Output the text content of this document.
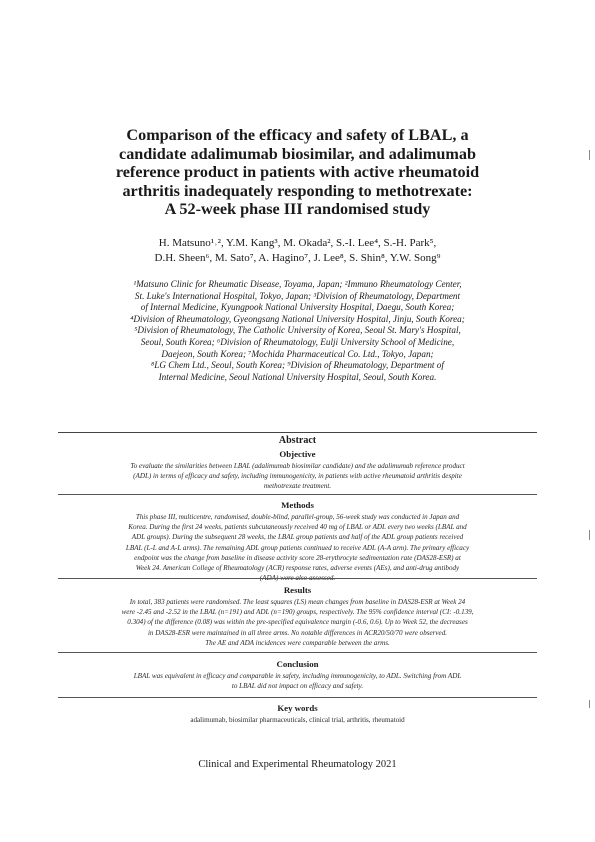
Comparison of the efficacy and safety of LBAL, a
candidate adalimumab biosimilar, and adalimumab
reference product in patients with active rheumatoid
arthritis inadequately responding to methotrexate:
A 52-week phase III randomised study
H. Matsuno¹˒², Y.M. Kang³, M. Okada², S.-I. Lee⁴, S.-H. Park⁵,
D.H. Sheen⁶, M. Sato⁷, A. Hagino⁷, J. Lee⁸, S. Shin⁸, Y.W. Song⁹
¹Matsuno Clinic for Rheumatic Disease, Toyama, Japan; ²Immuno Rheumatology Center,
St. Luke's International Hospital, Tokyo, Japan; ³Division of Rheumatology, Department
of Internal Medicine, Kyungpook National University Hospital, Daegu, South Korea;
⁴Division of Rheumatology, Gyeongsang National University Hospital, Jinju, South Korea;
⁵Division of Rheumatology, The Catholic University of Korea, Seoul St. Mary's Hospital,
Seoul, South Korea; ⁶Division of Rheumatology, Eulji University School of Medicine,
Daejeon, South Korea; ⁷Mochida Pharmaceutical Co. Ltd., Tokyo, Japan;
⁸LG Chem Ltd., Seoul, South Korea; ⁹Division of Rheumatology, Department of
Internal Medicine, Seoul National University Hospital, Seoul, South Korea.
Abstract
Objective
To evaluate the similarities between LBAL (adalimumab biosimilar candidate) and the adalimumab reference product
(ADL) in terms of efficacy and safety, including immunogenicity, in patients with active rheumatoid arthritis despite
methotrexate treatment.
Methods
This phase III, multicentre, randomised, double-blind, parallel-group, 56-week study was conducted in Japan and
Korea. During the first 24 weeks, patients subcutaneously received 40 mg of LBAL or ADL every two weeks (LBAL and
ADL groups). During the subsequent 28 weeks, the LBAL group patients and half of the ADL group patients received
LBAL (L-L and A-L arms). The remaining ADL group patients continued to receive ADL (A-A arm). The primary efficacy
endpoint was the change from baseline in disease activity score 28-erythrocyte sedimentation rate (DAS28-ESR) at
Week 24. American College of Rheumatology (ACR) response rates, adverse events (AEs), and anti-drug antibody
(ADA) were also assessed.
Results
In total, 383 patients were randomised. The least squares (LS) mean changes from baseline in DAS28-ESR at Week 24
were -2.45 and -2.52 in the LBAL (n=191) and ADL (n=190) groups, respectively. The 95% confidence interval (CI: -0.139,
0.304) of the difference (0.08) was within the pre-specified equivalence margin (-0.6, 0.6). Up to Week 52, the decreases
in DAS28-ESR were maintained in all three arms. No notable differences in ACR20/50/70 were observed.
The AE and ADA incidences were comparable between the arms.
Conclusion
LBAL was equivalent in efficacy and comparable in safety, including immunogenicity, to ADL. Switching from ADL
to LBAL did not impact on efficacy and safety.
Key words
adalimumab, biosimilar pharmaceuticals, clinical trial, arthritis, rheumatoid
Clinical and Experimental Rheumatology 2021
